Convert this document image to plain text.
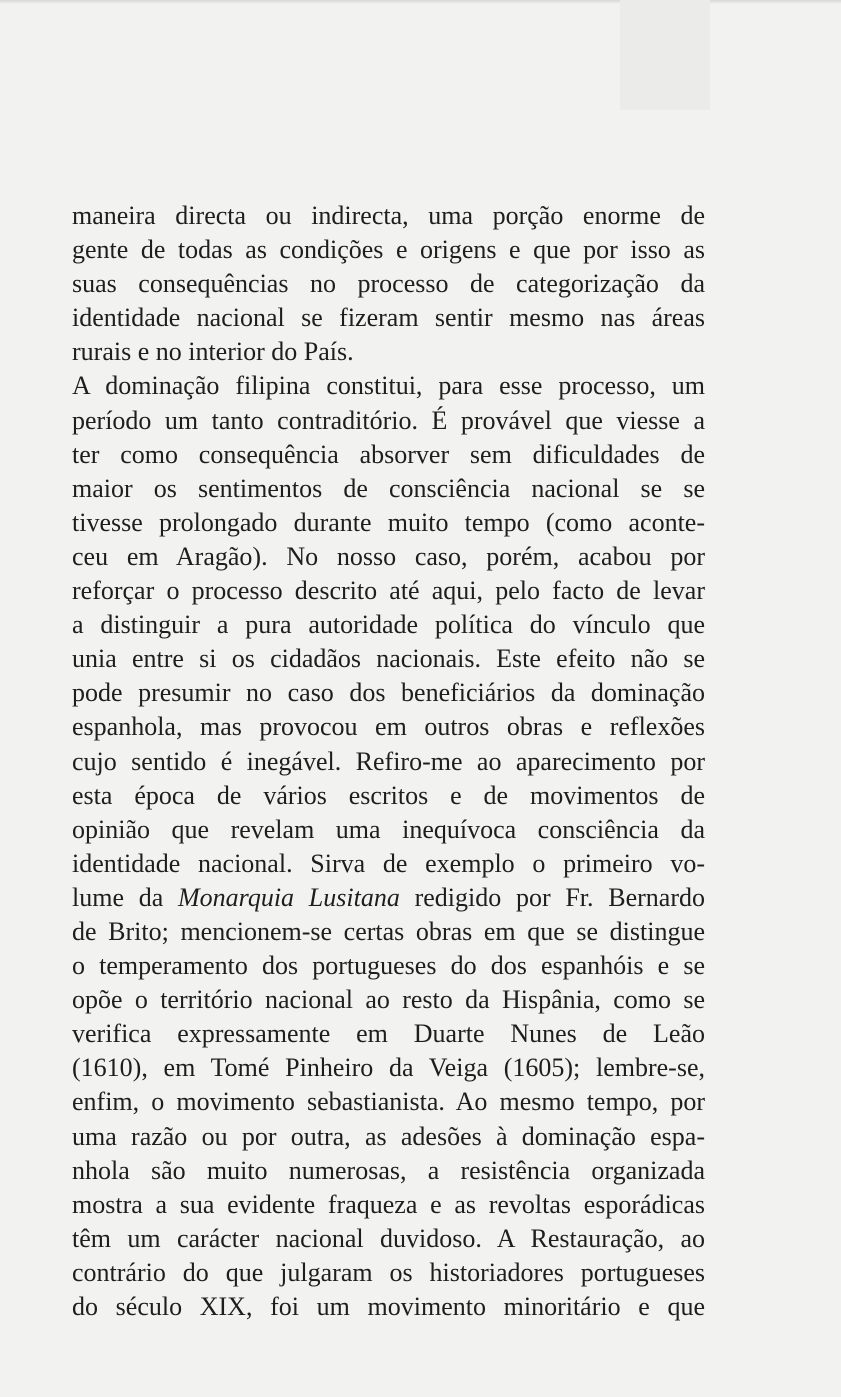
maneira directa ou indirecta, uma porção enorme de
gente de todas as condições e origens e que por isso as
suas consequências no processo de categorização da
identidade nacional se fizeram sentir mesmo nas áreas
rurais e no interior do País.
A dominação filipina constitui, para esse processo, um
período um tanto contraditório. É provável que viesse a
ter como consequência absorver sem dificuldades de
maior os sentimentos de consciência nacional se se
tivesse prolongado durante muito tempo (como aconte-
ceu em Aragão). No nosso caso, porém, acabou por
reforçar o processo descrito até aqui, pelo facto de levar
a distinguir a pura autoridade política do vínculo que
unia entre si os cidadãos nacionais. Este efeito não se
pode presumir no caso dos beneficiários da dominação
espanhola, mas provocou em outros obras e reflexões
cujo sentido é inegável. Refiro-me ao aparecimento por
esta época de vários escritos e de movimentos de
opinião que revelam uma inequívoca consciência da
identidade nacional. Sirva de exemplo o primeiro vo-
lume da Monarquia Lusitana redigido por Fr. Bernardo
de Brito; mencionem-se certas obras em que se distingue
o temperamento dos portugueses do dos espanhóis e se
opõe o território nacional ao resto da Hispânia, como se
verifica expressamente em Duarte Nunes de Leão
(1610), em Tomé Pinheiro da Veiga (1605); lembre-se,
enfim, o movimento sebastianista. Ao mesmo tempo, por
uma razão ou por outra, as adesões à dominação espa-
nhola são muito numerosas, a resistência organizada
mostra a sua evidente fraqueza e as revoltas esporádicas
têm um carácter nacional duvidoso. A Restauração, ao
contrário do que julgaram os historiadores portugueses
do século XIX, foi um movimento minoritário e que
